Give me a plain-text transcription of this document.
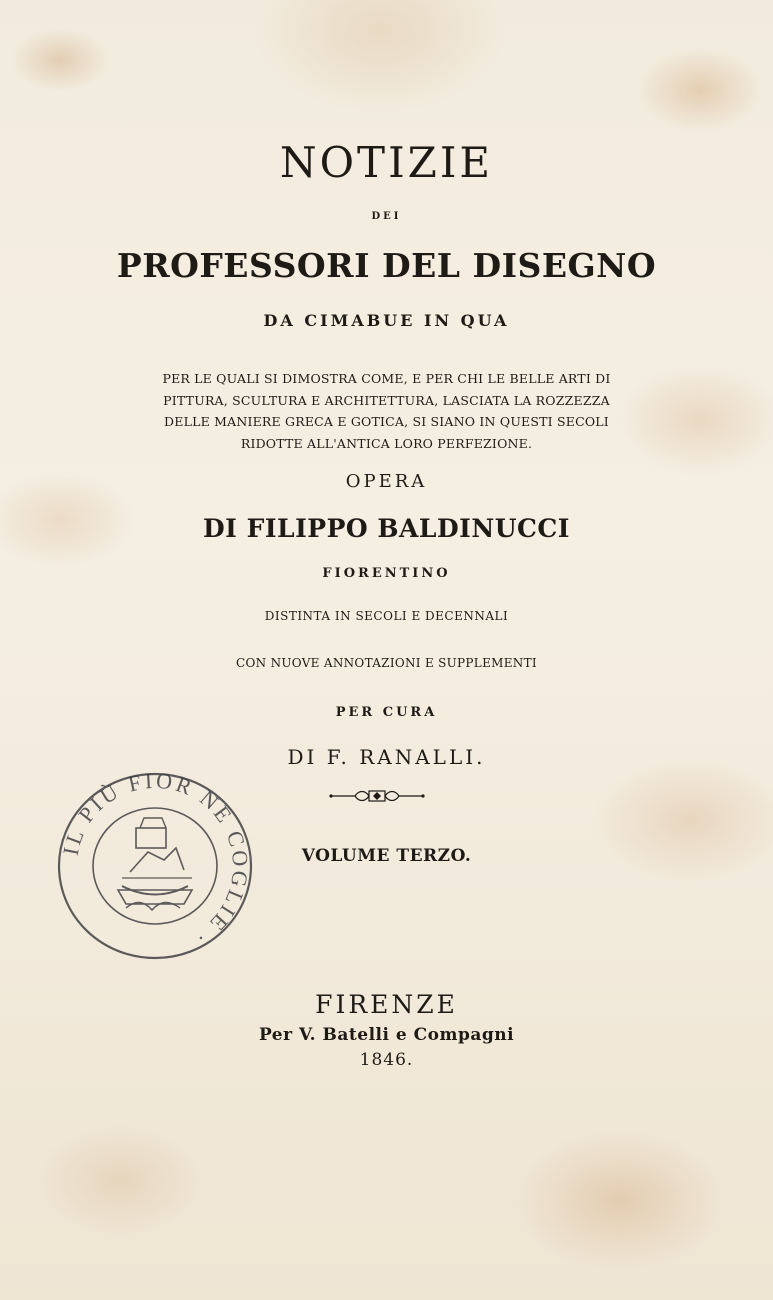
NOTIZIE

DEI

PROFESSORI DEL DISEGNO

DA CIMABUE IN QUA

PER LE QUALI SI DIMOSTRA COME, E PER CHI LE BELLE ARTI DI
PITTURA, SCULTURA E ARCHITETTURA, LASCIATA LA ROZZEZZA
DELLE MANIERE GRECA E GOTICA, SI SIANO IN QUESTI SECOLI
RIDOTTE ALL'ANTICA LORO PERFEZIONE.

OPERA

DI FILIPPO BALDINUCCI

FIORENTINO

DISTINTA IN SECOLI E DECENNALI

CON NUOVE ANNOTAZIONI E SUPPLEMENTI

PER CURA

DI F. RANALLI.

VOLUME TERZO.

FIRENZE

Per V. Batelli e Compagni

1846.

IL PIÙ FIOR NE COGLIE ·
